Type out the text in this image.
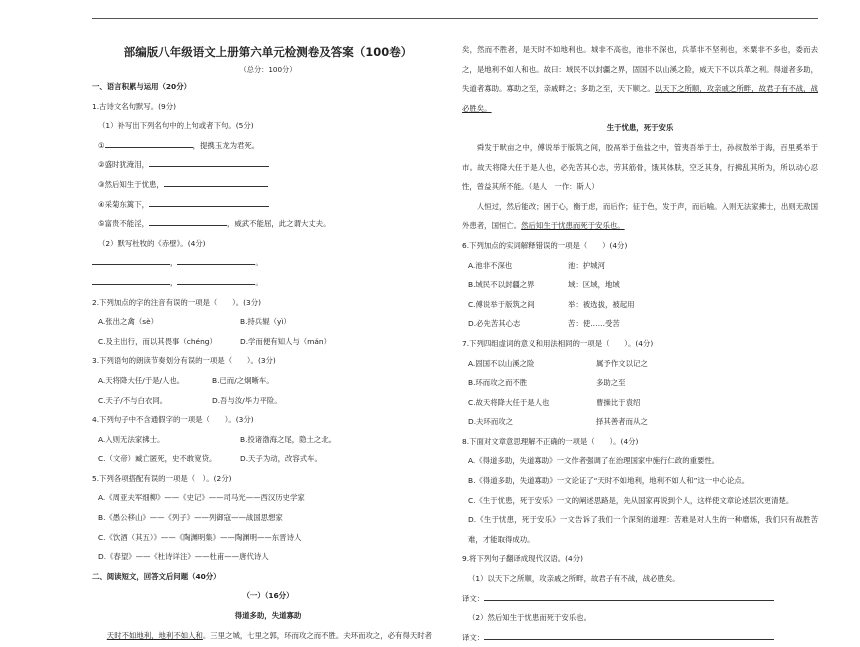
部编版八年级语文上册第六单元检测卷及答案（100卷）
（总分：100分）
一、语言积累与运用（20分）
1.古诗文名句默写。(9分)
（1）补写出下列名句中的上句或者下句。(5分)
①	，提携玉龙为君死。
②盛时犹淹泪，
③然后知生于忧患，
④采菊东篱下，
⑤富贵不能淫，	，威武不能屈，此之谓大丈夫。
（2）默写杜牧的《赤壁》。(4分)
，	。
，	。
2.下列加点的字的注音有误的一项是（　　）。(3分)
A.张出之禽（sè）	B.持兵辊（yì）
C.及主出行，而以其畏事（chéng）	D.学而便有知人与（mán）
3.下列语句的朗读节奏划分有误的一项是（　　）。(3分)
A.天将降大任/于是/人也。	B.已而/之炯晰车。
C.天子/不与白衣同。	D.吾与汝/毕力平险。
4.下列句子中不含通假字的一项是（　　）。(3分)
A.入则无法家拂士。	B.投诸渤海之尾，隐土之北。
C.（文帝）臧亡匿死，史不敢宽贷。	D.天子为动，改容式车。
5.下列各项搭配有误的一项是（　）。(2分)
A.《周亚夫军细柳》——《史记》——司马光——西汉历史学家
B.《愚公移山》——《列子》——列御寇——战国思想家
C.《饮酒（其五）》——《陶渊明集》——陶渊明——东晋诗人
D.《春望》——《杜诗详注》——杜甫——唐代诗人
二、阅读短文，回答文后问题（40分）
（一）（16分）
得道多助，失道寡助
天时不如地利，地利不如人和。三里之城，七里之郭，环而攻之而不胜。夫环而攻之，必有得天时者
矣，然而不胜者，是天时不如地利也。城非不高也，池非不深也，兵革非不坚利也，米粟非不多也，委而去之，是地利不如人和也。故曰：域民不以封疆之界，固国不以山溪之险，威天下不以兵革之利。得道者多助，失道者寡助。寡助之至，亲戚畔之；多助之至，天下顺之。以天下之所顺，攻亲戚之所畔，故君子有不战，战必胜矣。
生于忧患，死于安乐
舜发于畎亩之中，傅说举于版筑之间，胶鬲举于鱼盐之中，管夷吾举于士，孙叔敖举于海，百里奚举于市。故天将降大任于是人也，必先苦其心志，劳其筋骨，饿其体肤，空乏其身，行拂乱其所为，所以动心忍性，曾益其所不能。（是人　一作：斯人）
人恒过，然后能改；困于心，衡于虑，而后作；征于色，发于声，而后喻。入则无法家拂士，出则无敌国外患者，国恒亡。然后知生于忧患而死于安乐也。
6.下列加点的实词解释错误的一项是（　　）(4分)
A.池非不深也	池：护城河
B.域民不以封疆之界	域：区域，地域
C.傅说举于版筑之间	举：被选拔，被起用
D.必先苦其心志	苦：使……受苦
7.下列四组虚词的意义和用法相同的一项是（　　）。(4分)
A.固国不以山溪之险	属予作文以记之
B.环而攻之而不胜	多助之至
C.故天将降大任于是人也	曹操比于袁绍
D.夫环而攻之	择其善者而从之
8.下面对文章意思理解不正确的一项是（　　）。(4分)
A.《得道多助，失道寡助》一文作者强调了在治理国家中施行仁政的重要性。
B.《得道多助，失道寡助》一文论证了“天时不如地利，地利不如人和”这一中心论点。
C.《生于忧患，死于安乐》一文的阐述思路是，先从国家再说到个人，这样使文章论述层次更清楚。
D.《生于忧患，死于安乐》一文告诉了我们一个深刻的道理：苦难是对人生的一种磨炼，我们只有战胜苦难，才能取得成功。
9.将下列句子翻译成现代汉语。(4分)
（1）以天下之所顺，攻亲戚之所畔，故君子有不战，战必胜矣。
译文：
（2）然后知生于忧患而死于安乐也。
译文：
